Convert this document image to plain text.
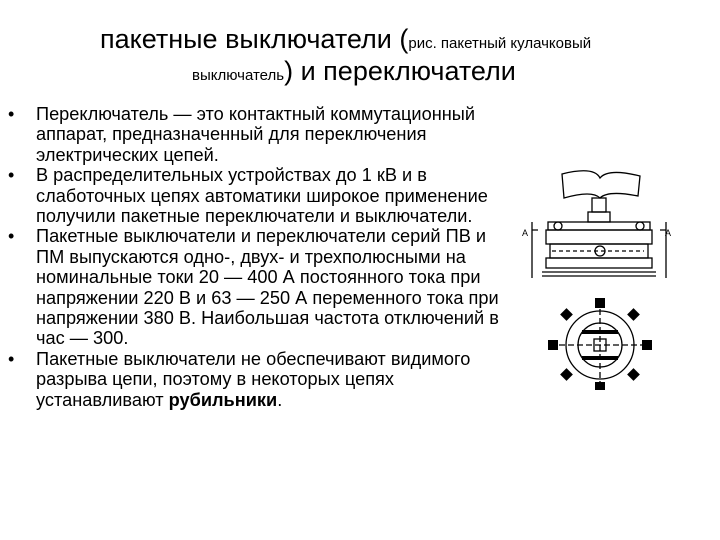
пакетные выключатели (рис. пакетный кулачковый
выключатель) и переключатели

•	Переключатель — это контактный коммутационный аппарат, предназначенный для переключения электрических цепей.

•	В распределительных устройствах до 1 кВ и в слаботочных цепях автоматики широкое применение получили пакетные переключатели и выключатели.

•	Пакетные выключатели и переключатели серий ПВ и ПМ выпускаются одно-, двух- и трехполюсными на номинальные токи 20 — 400 А постоянного тока при напряжении 220 В и 63 — 250 А переменного тока при напряжении 380 В. Наибольшая частота отключений в час — 300.

•	Пакетные выключатели не обеспечивают видимого разрыва цепи, поэтому в некоторых цепях устанавливают рубильники.

А	А
